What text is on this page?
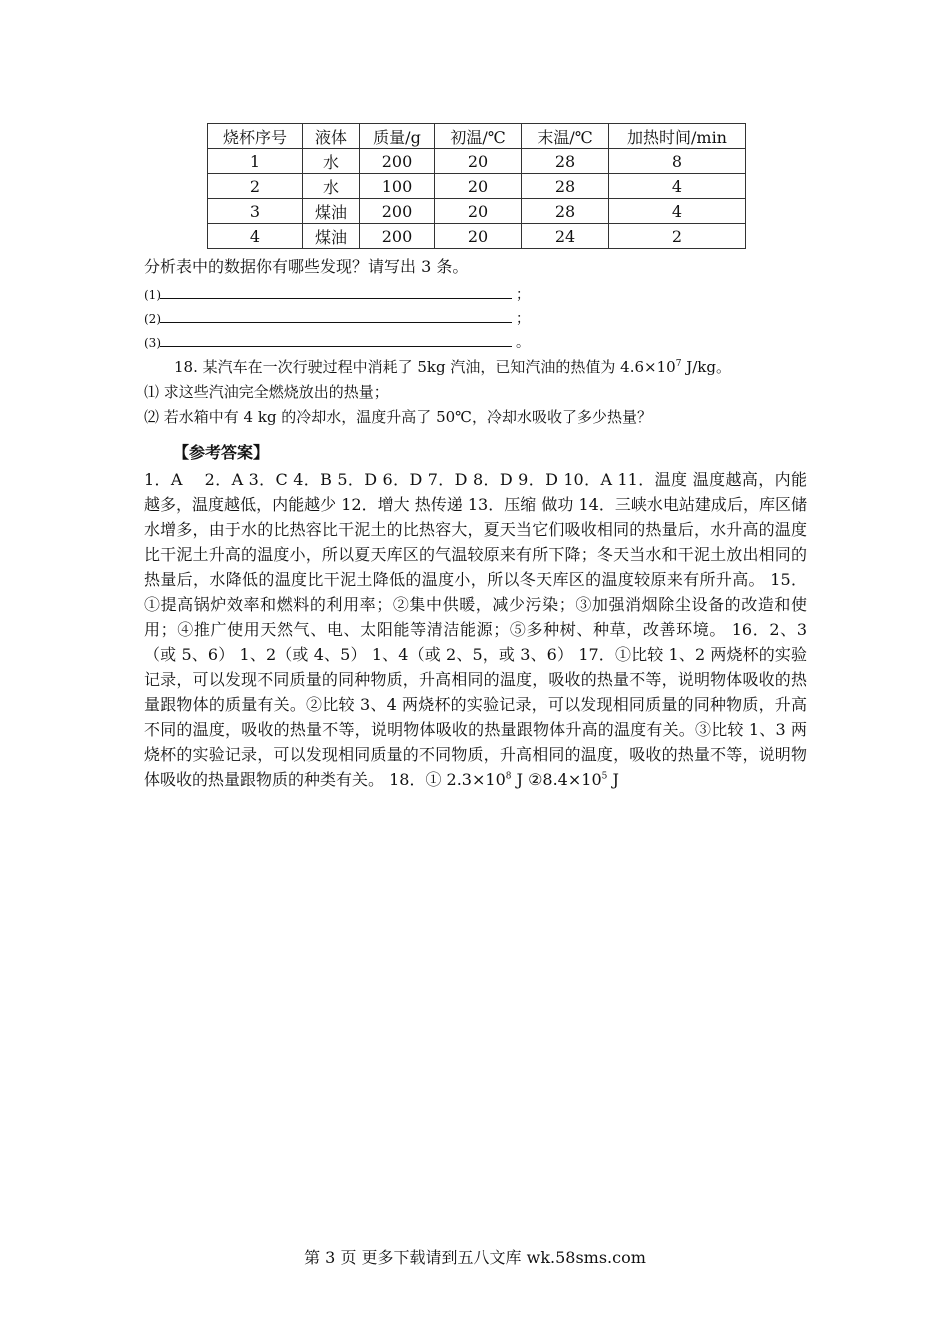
烧杯序号	液体	质量/g	初温/℃	末温/℃	加热时间/min
1	水	200	20	28	8
2	水	100	20	28	4
3	煤油	200	20	28	4
4	煤油	200	20	24	2
分析表中的数据你有哪些发现？请写出 3 条。
(1)	；
(2)	；
(3)	。
18. 某汽车在一次行驶过程中消耗了 5kg 汽油，已知汽油的热值为 $4.6\times 10^7$ J/kg。
⑴ 求这些汽油完全燃烧放出的热量；
⑵ 若水箱中有 4 kg 的冷却水，温度升高了 50℃，冷却水吸收了多少热量？
【参考答案】
1．A　 2．A 3．C 4．B 5．D 6．D 7．D 8．D 9．D 10．A 11．温度 温度越高，内能越多，温度越低，内能越少 12．增大 热传递 13．压缩 做功 14．三峡水电站建成后，库区储水增多，由于水的比热容比干泥土的比热容大，夏天当它们吸收相同的热量后，水升高的温度比干泥土升高的温度小，所以夏天库区的气温较原来有所下降；冬天当水和干泥土放出相同的热量后，水降低的温度比干泥土降低的温度小，所以冬天库区的温度较原来有所升高。 15．①提高锅炉效率和燃料的利用率；②集中供暖，减少污染；③加强消烟除尘设备的改造和使用；④推广使用天然气、电、太阳能等清洁能源；⑤多种树、种草，改善环境。 16．2、3（或 5、6） 1、2（或 4、5） 1、4（或 2、5，或 3、6） 17．①比较 1、2 两烧杯的实验记录，可以发现不同质量的同种物质，升高相同的温度，吸收的热量不等，说明物体吸收的热量跟物体的质量有关。②比较 3、4 两烧杯的实验记录，可以发现相同质量的同种物质，升高不同的温度，吸收的热量不等，说明物体吸收的热量跟物体升高的温度有关。③比较 1、3 两烧杯的实验记录，可以发现相同质量的不同物质，升高相同的温度，吸收的热量不等，说明物体吸收的热量跟物质的种类有关。 18．① $2.3\times 10^8$ J $②8.4\times 10^5$ J
第 3 页 更多下载请到五八文库 wk.58sms.com
